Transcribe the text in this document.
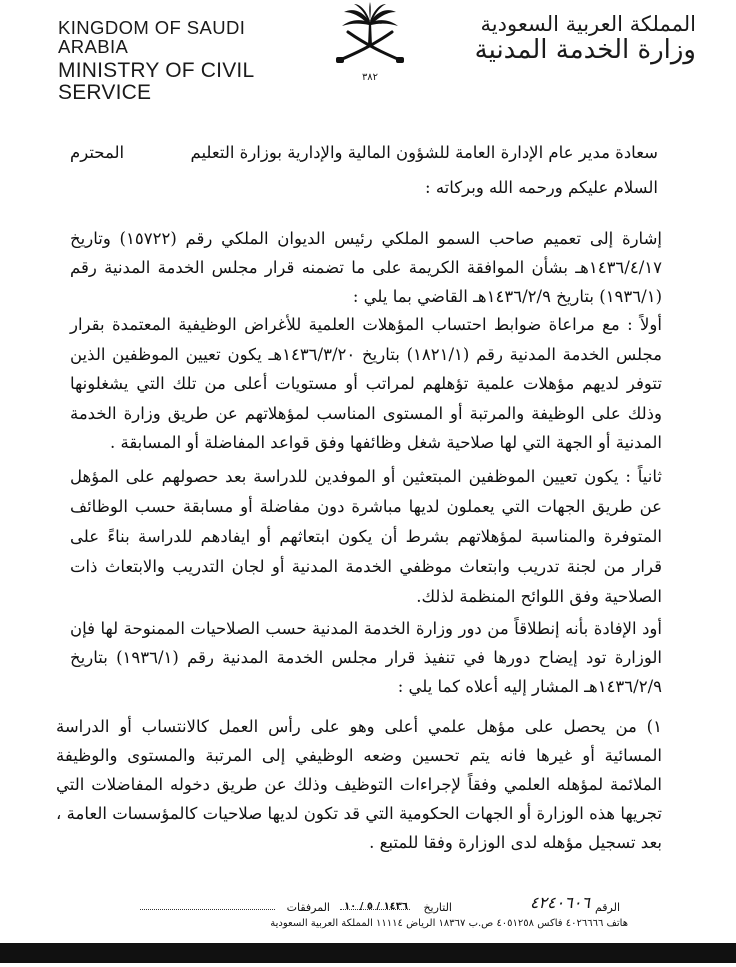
KINGDOM OF SAUDI ARABIA
MINISTRY OF CIVIL SERVICE
المملكة العربية السعودية
وزارة الخدمة المدنية
٣٨٢
سعادة مدير عام الإدارة العامة للشؤون المالية والإدارية بوزارة التعليم
المحترم
السلام عليكم ورحمه الله وبركاته :
إشارة إلى تعميم صاحب السمو الملكي رئيس الديوان الملكي رقم (١٥٧٢٢) وتاريخ ١٤٣٦/٤/١٧هـ بشأن الموافقة الكريمة على ما تضمنه قرار مجلس الخدمة المدنية رقم (١٩٣٦/١) بتاريخ ١٤٣٦/٢/٩هـ القاضي بما يلي :
أولاً : مع مراعاة ضوابط احتساب المؤهلات العلمية للأغراض الوظيفية المعتمدة بقرار مجلس الخدمة المدنية رقم (١٨٢١/١) بتاريخ ١٤٣٦/٣/٢٠هـ يكون تعيين الموظفين الذين تتوفر لديهم مؤهلات علمية تؤهلهم لمراتب أو مستويات أعلى من تلك التي يشغلونها وذلك على الوظيفة والمرتبة أو المستوى المناسب لمؤهلاتهم عن طريق وزارة الخدمة المدنية أو الجهة التي لها صلاحية شغل وظائفها وفق قواعد المفاضلة أو المسابقة .
ثانياً : يكون تعيين الموظفين المبتعثين أو الموفدين للدراسة بعد حصولهم على المؤهل عن طريق الجهات التي يعملون لديها مباشرة دون مفاضلة أو مسابقة حسب الوظائف المتوفرة والمناسبة لمؤهلاتهم بشرط أن يكون ابتعاثهم أو ايفادهم للدراسة بناءً على قرار من لجنة تدريب وابتعاث موظفي الخدمة المدنية أو لجان التدريب والابتعاث ذات الصلاحية وفق اللوائح المنظمة لذلك.
أود الإفادة بأنه إنطلاقاً من دور وزارة الخدمة المدنية حسب الصلاحيات الممنوحة لها فإن الوزارة تود إيضاح دورها في تنفيذ قرار مجلس الخدمة المدنية رقم (١٩٣٦/١) بتاريخ ١٤٣٦/٢/٩هـ المشار إليه أعلاه كما يلي :
١) من يحصل على مؤهل علمي أعلى وهو على رأس العمل كالانتساب أو الدراسة المسائية أو غيرها فانه يتم تحسين وضعه الوظيفي إلى المرتبة والمستوى والوظيفة الملائمة لمؤهله العلمي وفقاً لإجراءات التوظيف وذلك عن طريق دخوله المفاضلات التي تجريها هذه الوزارة أو الجهات الحكومية التي قد تكون لديها صلاحيات كالمؤسسات العامة ، بعد تسجيل مؤهله لدى الوزارة وفقا للمتبع .
الرقم
٤٢٤٠٦٠٦
التاريخ
١٤٣٦ / ٥ / ١٠
المرفقات
هاتف ٤٠٢٦٦٦٦ فاكس ٤٠٥١٢٥٨ ص.ب ١٨٣٦٧ الرياض ١١١١٤ المملكة العربية السعودية
